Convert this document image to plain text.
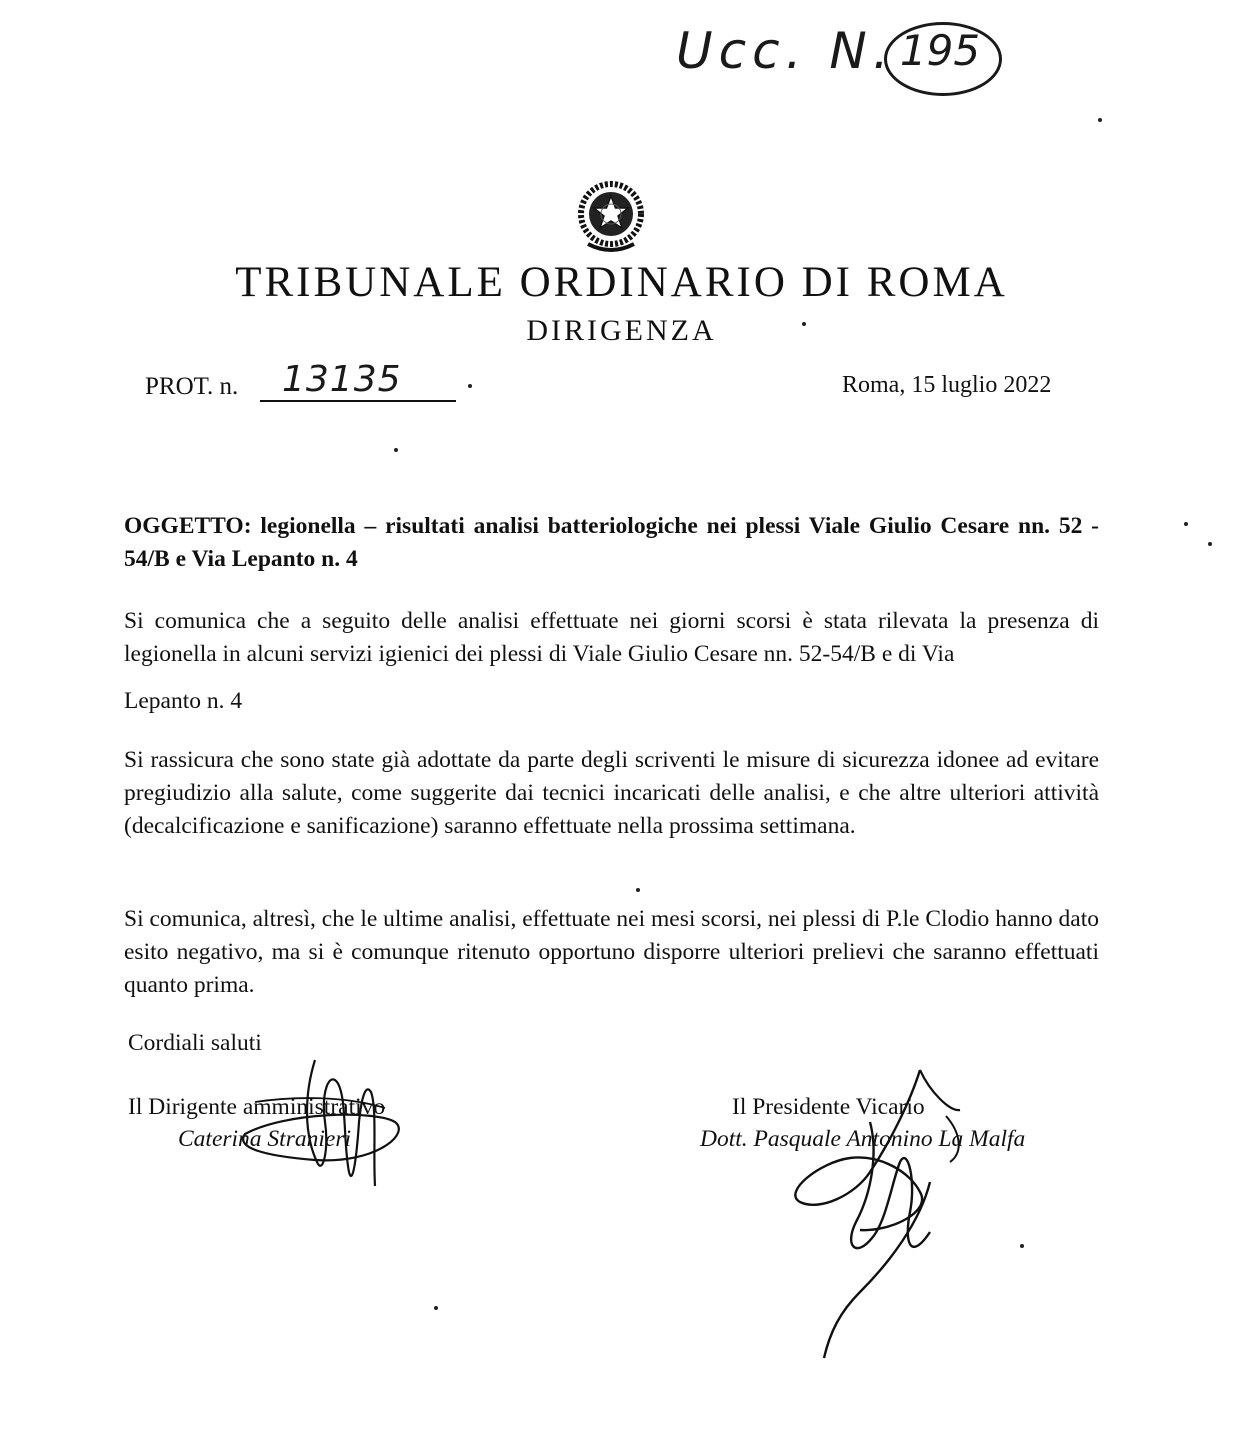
Ucc. N. 195
TRIBUNALE ORDINARIO DI ROMA
DIRIGENZA
PROT. n. 13135	Roma, 15 luglio 2022
OGGETTO: legionella – risultati analisi batteriologiche nei plessi Viale Giulio Cesare nn. 52 - 54/B e Via Lepanto n. 4
Si comunica che a seguito delle analisi effettuate nei giorni scorsi è stata rilevata la presenza di legionella in alcuni servizi igienici dei plessi di Viale Giulio Cesare nn. 52-54/B e di Via
Lepanto n. 4
Si rassicura che sono state già adottate da parte degli scriventi le misure di sicurezza idonee ad evitare pregiudizio alla salute, come suggerite dai tecnici incaricati delle analisi, e che altre ulteriori attività (decalcificazione e sanificazione) saranno effettuate nella prossima settimana.
Si comunica, altresì, che le ultime analisi, effettuate nei mesi scorsi, nei plessi di P.le Clodio hanno dato esito negativo, ma si è comunque ritenuto opportuno disporre ulteriori prelievi che saranno effettuati quanto prima.
Cordiali saluti
Il Dirigente amministrativo
Caterina Stranieri
Il Presidente Vicario
Dott. Pasquale Antonino La Malfa
